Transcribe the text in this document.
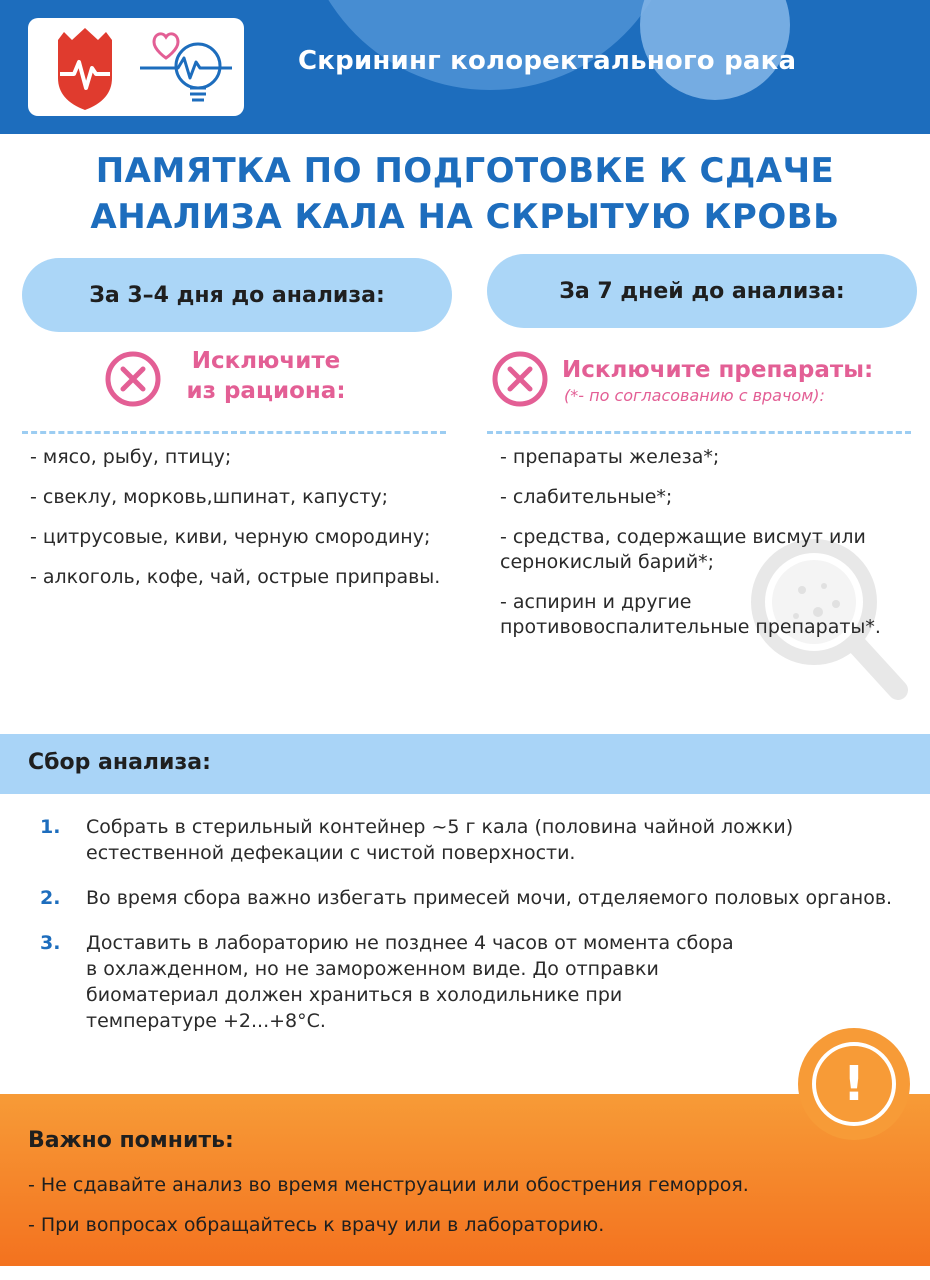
Скрининг колоректального рака
ПАМЯТКА ПО ПОДГОТОВКЕ К СДАЧЕ
АНАЛИЗА КАЛА НА СКРЫТУЮ КРОВЬ
За 3–4 дня до анализа:
Исключите
из рациона:
- мясо, рыбу, птицу;
- свеклу, морковь,шпинат, капусту;
- цитрусовые, киви, черную смородину;
- алкоголь, кофе, чай, острые приправы.
За 7 дней до анализа:
Исключите препараты:
(*- по согласованию с врачом):
- препараты железа*;
- слабительные*;
- средства, содержащие висмут или сернокислый барий*;
- аспирин и другие противовоспалительные препараты*.
Сбор анализа:
1.	Собрать в стерильный контейнер ~5 г кала (половина чайной ложки) естественной дефекации с чистой поверхности.
2.	Во время сбора важно избегать примесей мочи, отделяемого половых органов.
3.	Доставить в лабораторию не позднее 4 часов от момента сбора в охлажденном, но не замороженном виде. До отправки биоматериал должен храниться в холодильнике при температуре +2...+8°С.
!
Важно помнить:
- Не сдавайте анализ во время менструации или обострения геморроя.
- При вопросах обращайтесь к врачу или в лабораторию.
